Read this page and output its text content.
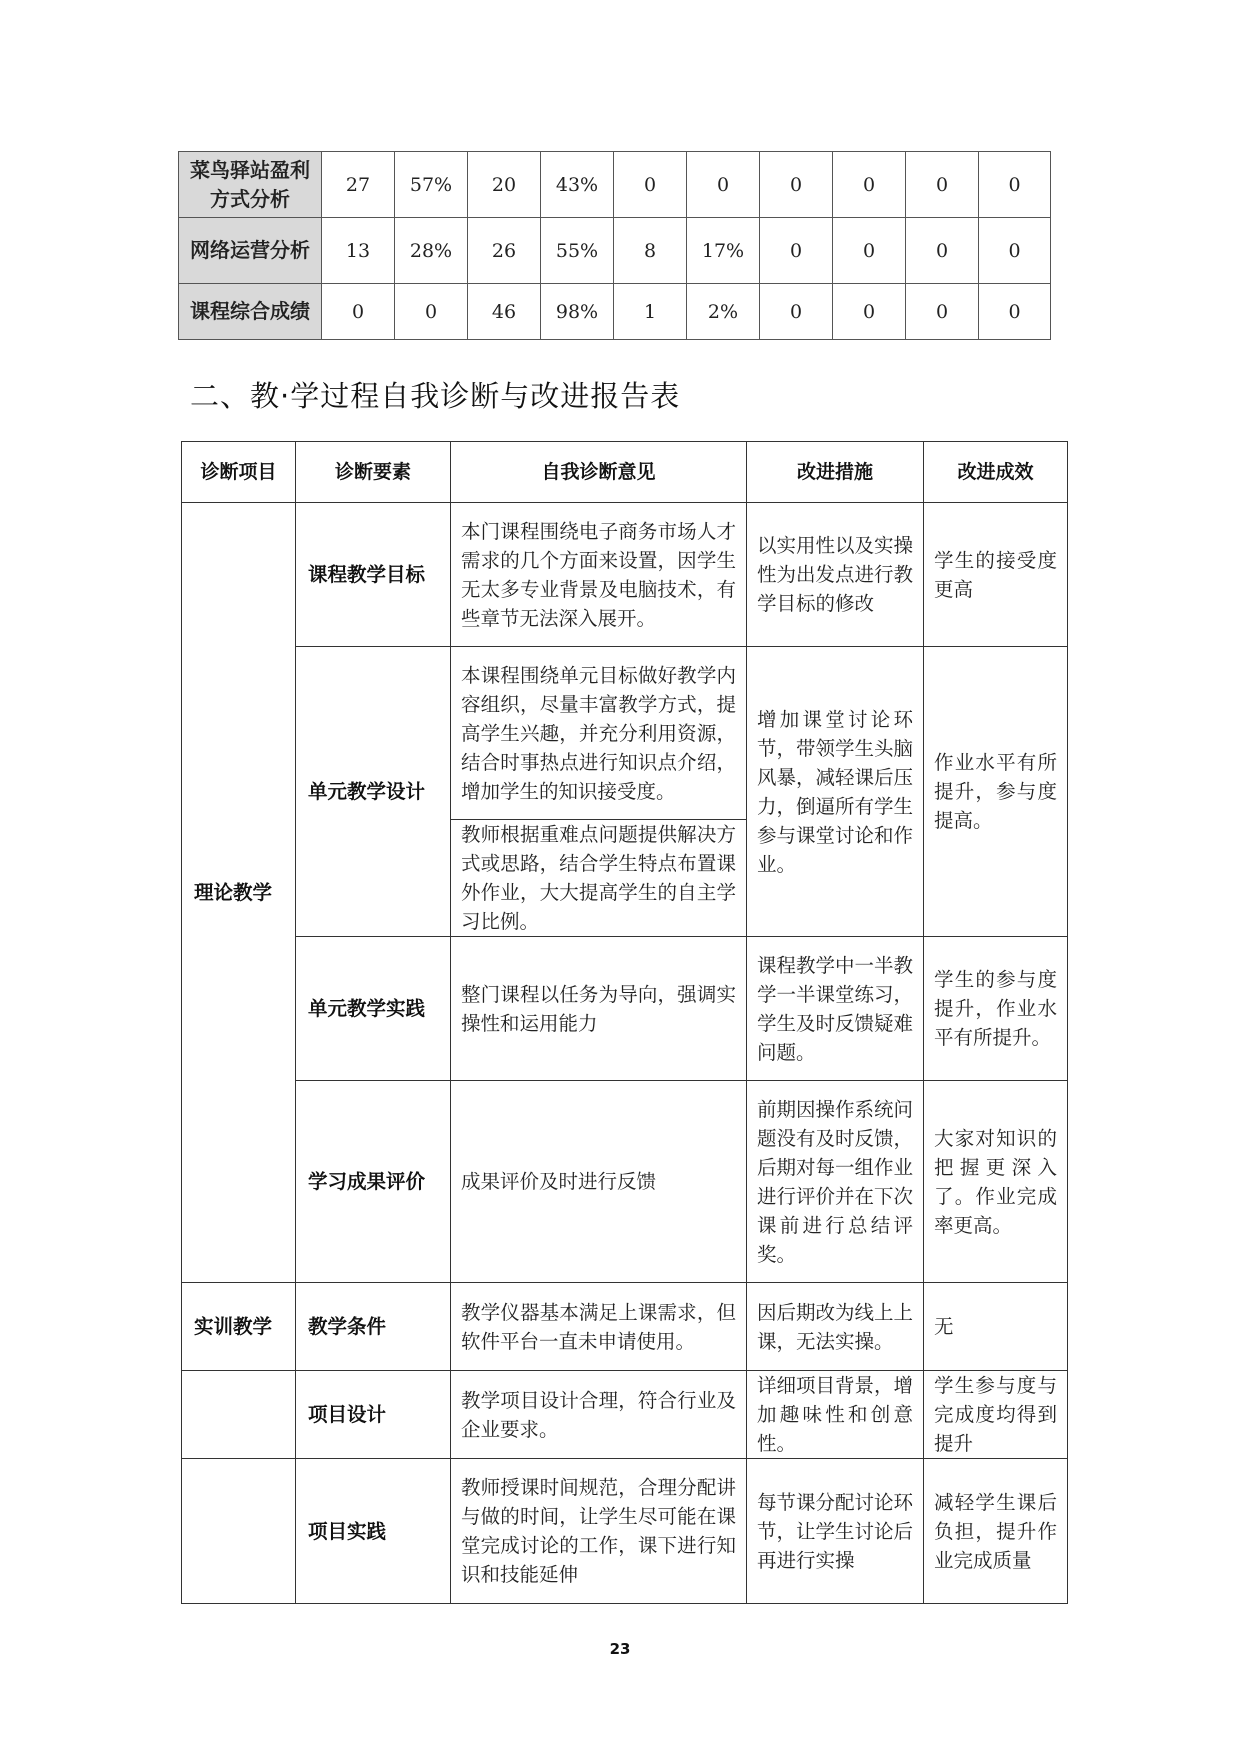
菜鸟驿站盈利方式分析	27	57%	20	43%	0	0	0	0	0	0
网络运营分析	13	28%	26	55%	8	17%	0	0	0	0
课程综合成绩	0	0	46	98%	1	2%	0	0	0	0
二、教·学过程自我诊断与改进报告表
诊断项目	诊断要素	自我诊断意见	改进措施	改进成效
理论教学	课程教学目标	本门课程围绕电子商务市场人才需求的几个方面来设置，因学生无太多专业背景及电脑技术，有些章节无法深入展开。	以实用性以及实操性为出发点进行教学目标的修改	学生的接受度更高
	单元教学设计	本课程围绕单元目标做好教学内容组织，尽量丰富教学方式，提高学生兴趣，并充分利用资源，结合时事热点进行知识点介绍，增加学生的知识接受度。	增加课堂讨论环节，带领学生头脑风暴，减轻课后压力，倒逼所有学生参与课堂讨论和作业。	作业水平有所提升，参与度提高。
		教师根据重难点问题提供解决方式或思路，结合学生特点布置课外作业，大大提高学生的自主学习比例。		
	单元教学实践	整门课程以任务为导向，强调实操性和运用能力	课程教学中一半教学一半课堂练习，学生及时反馈疑难问题。	学生的参与度提升，作业水平有所提升。
	学习成果评价	成果评价及时进行反馈	前期因操作系统问题没有及时反馈，后期对每一组作业进行评价并在下次课前进行总结评奖。	大家对知识的把握更深入了。作业完成率更高。
实训教学	教学条件	教学仪器基本满足上课需求，但软件平台一直未申请使用。	因后期改为线上上课，无法实操。	无
	项目设计	教学项目设计合理，符合行业及企业要求。	详细项目背景，增加趣味性和创意性。	学生参与度与完成度均得到提升
	项目实践	教师授课时间规范，合理分配讲与做的时间，让学生尽可能在课堂完成讨论的工作，课下进行知识和技能延伸	每节课分配讨论环节，让学生讨论后再进行实操	减轻学生课后负担，提升作业完成质量
23
